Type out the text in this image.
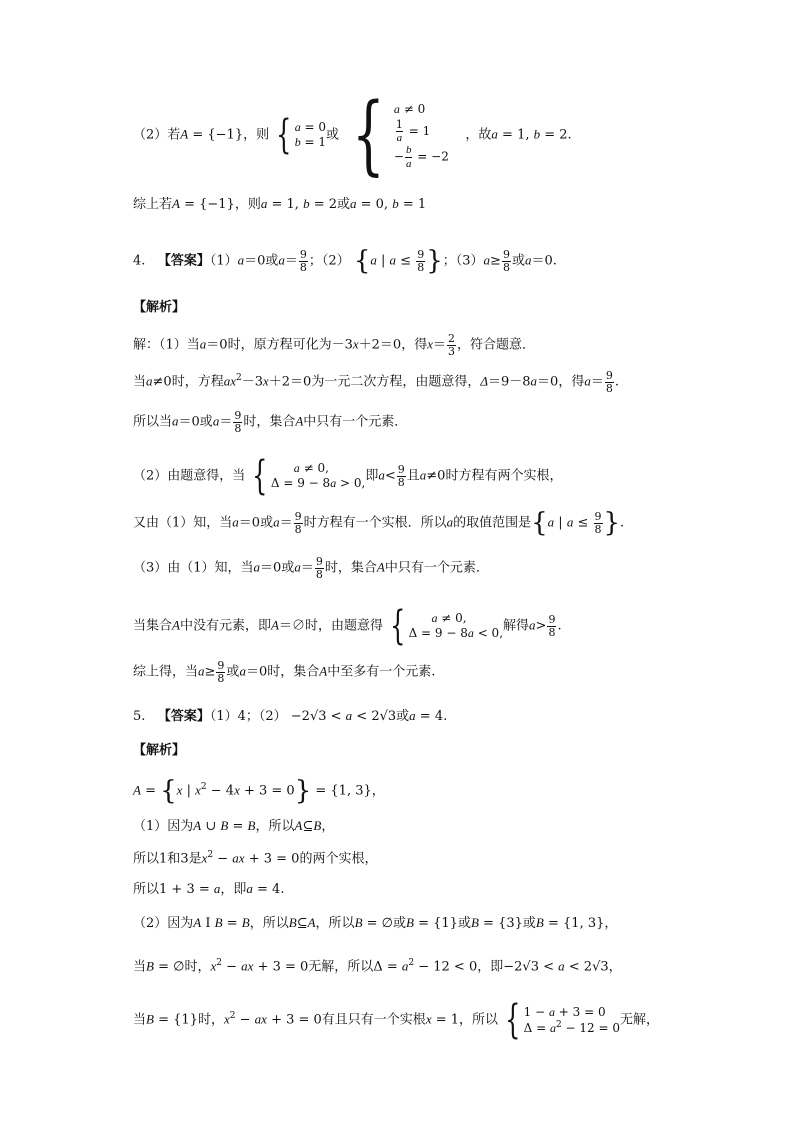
（2）若A = {−1}，则 { a = 0
b = 1 或 { a ≠ 0
$\frac{1}{a} = 1$
− $\frac{b}{a} = -2$
，故a = 1, b = 2.
综上若A = {−1}，则a = 1, b = 2或a = 0, b = 1
4. 【答案】（1）a＝0或$a= \frac{9}{8}$ ；（2） {a | $a \le \frac{9}{8}$ }；$(3)a\ge \frac{9}{8}$ 或a＝0.
【解析】
解：（1）当a＝0时，原方程可化为－3x＋2＝0，得$x= \frac{2}{3}$ ，符合题意．
当a≠0时，方程$ax^2-3x+2=0$为一元二次方程，由题意得，Δ＝9－8a＝0，得$a= \frac{9}{8}$ .
所以当a＝0或$a= \frac{9}{8}$ 时，集合A中只有一个元素．
（2）由题意得，当 {	a ≠ 0,
Δ = 9 − 8a > 0, 即$a< \frac{9}{8}$ 且a≠0时方程有两个实根，
又由（1）知，当a＝0或$a= \frac{9}{8}$ 时方程有一个实根．所以a的取值范围是{a | $a \le \frac{9}{8}$ }.
（3）由（1）知，当a＝0或$a= \frac{9}{8}$ 时，集合A中只有一个元素．
当集合A中没有元素，即A＝∅时，由题意得 {	a ≠ 0,
Δ = 9 − 8a < 0, 解得$a> \frac{9}{8}$ .
综上得，当$a\ge \frac{9}{8}$ 或a＝0时，集合A中至多有一个元素.
5. 【答案】（1）4；（2） −2√3 < a < 2√3或a = 4.
【解析】
A = {x | $x^2 - 4x + 3 = 0\} = \{1$, 3}，
（1）因为A ∪ B = B，所以A⊆B，
所以1和3是$x^2$ − ax + 3 = 0的两个实根，
所以1 + 3 = a，即a = 4.
（2）因为A I B = B，所以B⊆A，所以B = ∅或B = {1}或B = {3}或B = {1, 3}，
当B = ∅时，$x^2$ − ax + 3 = 0无解，所以$\Delta = a^2 - 12 < 0$，即−2√3 < a < 2√3，
当B = {1}时，$x^2$ − ax + 3 = 0有且只有一个实根x = 1，所以 { 1 − a + 3 = 0
$\Delta = a^2 - 12 = 0$ 无解，
